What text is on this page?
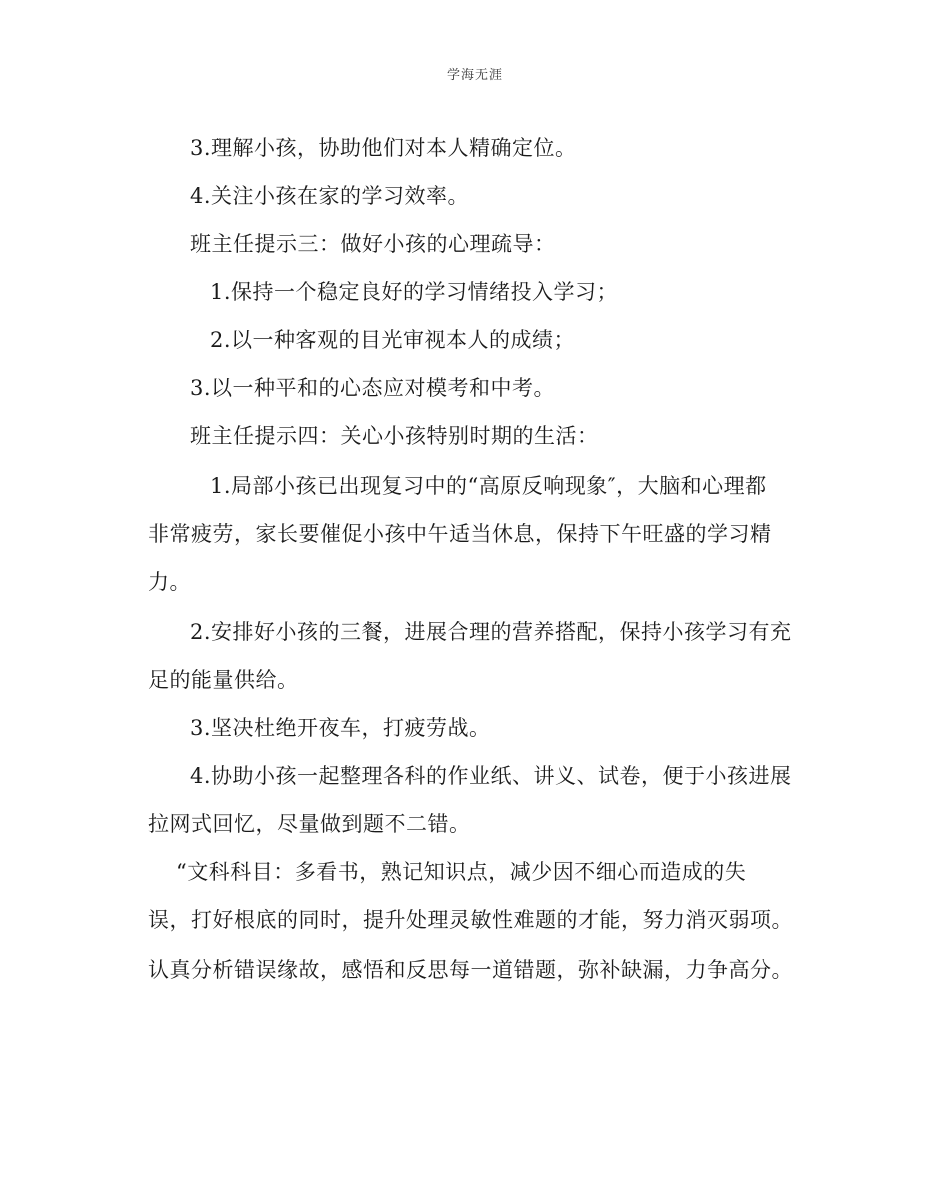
学海无涯
3.理解小孩，协助他们对本人精确定位。
4.关注小孩在家的学习效率。
班主任提示三：做好小孩的心理疏导：
1.保持一个稳定良好的学习情绪投入学习；
2.以一种客观的目光审视本人的成绩；
3.以一种平和的心态应对模考和中考。
班主任提示四：关心小孩特别时期的生活：
1.局部小孩已出现复习中的“高原反响现象″，大脑和心理都
非常疲劳，家长要催促小孩中午适当休息，保持下午旺盛的学习精
力。
2.安排好小孩的三餐，进展合理的营养搭配，保持小孩学习有充
足的能量供给。
3.坚决杜绝开夜车，打疲劳战。
4.协助小孩一起整理各科的作业纸、讲义、试卷，便于小孩进展
拉网式回忆，尽量做到题不二错。
“文科科目：多看书，熟记知识点，减少因不细心而造成的失
误，打好根底的同时，提升处理灵敏性难题的才能，努力消灭弱项。
认真分析错误缘故，感悟和反思每一道错题，弥补缺漏，力争高分。
